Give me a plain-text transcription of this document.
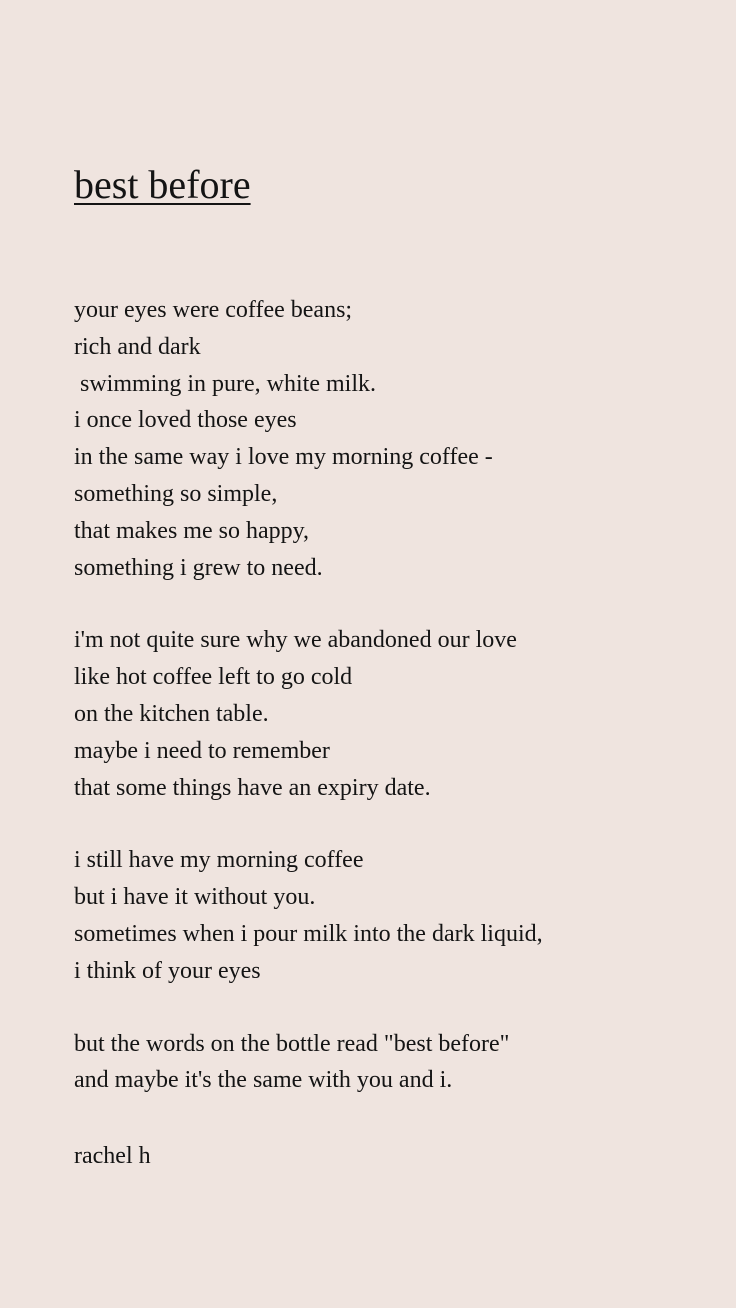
best before

your eyes were coffee beans;
rich and dark
swimming in pure, white milk.
i once loved those eyes
in the same way i love my morning coffee -
something so simple,
that makes me so happy,
something i grew to need.

i'm not quite sure why we abandoned our love
like hot coffee left to go cold
on the kitchen table.
maybe i need to remember
that some things have an expiry date.

i still have my morning coffee
but i have it without you.
sometimes when i pour milk into the dark liquid,
i think of your eyes

but the words on the bottle read "best before"
and maybe it's the same with you and i.

rachel h
